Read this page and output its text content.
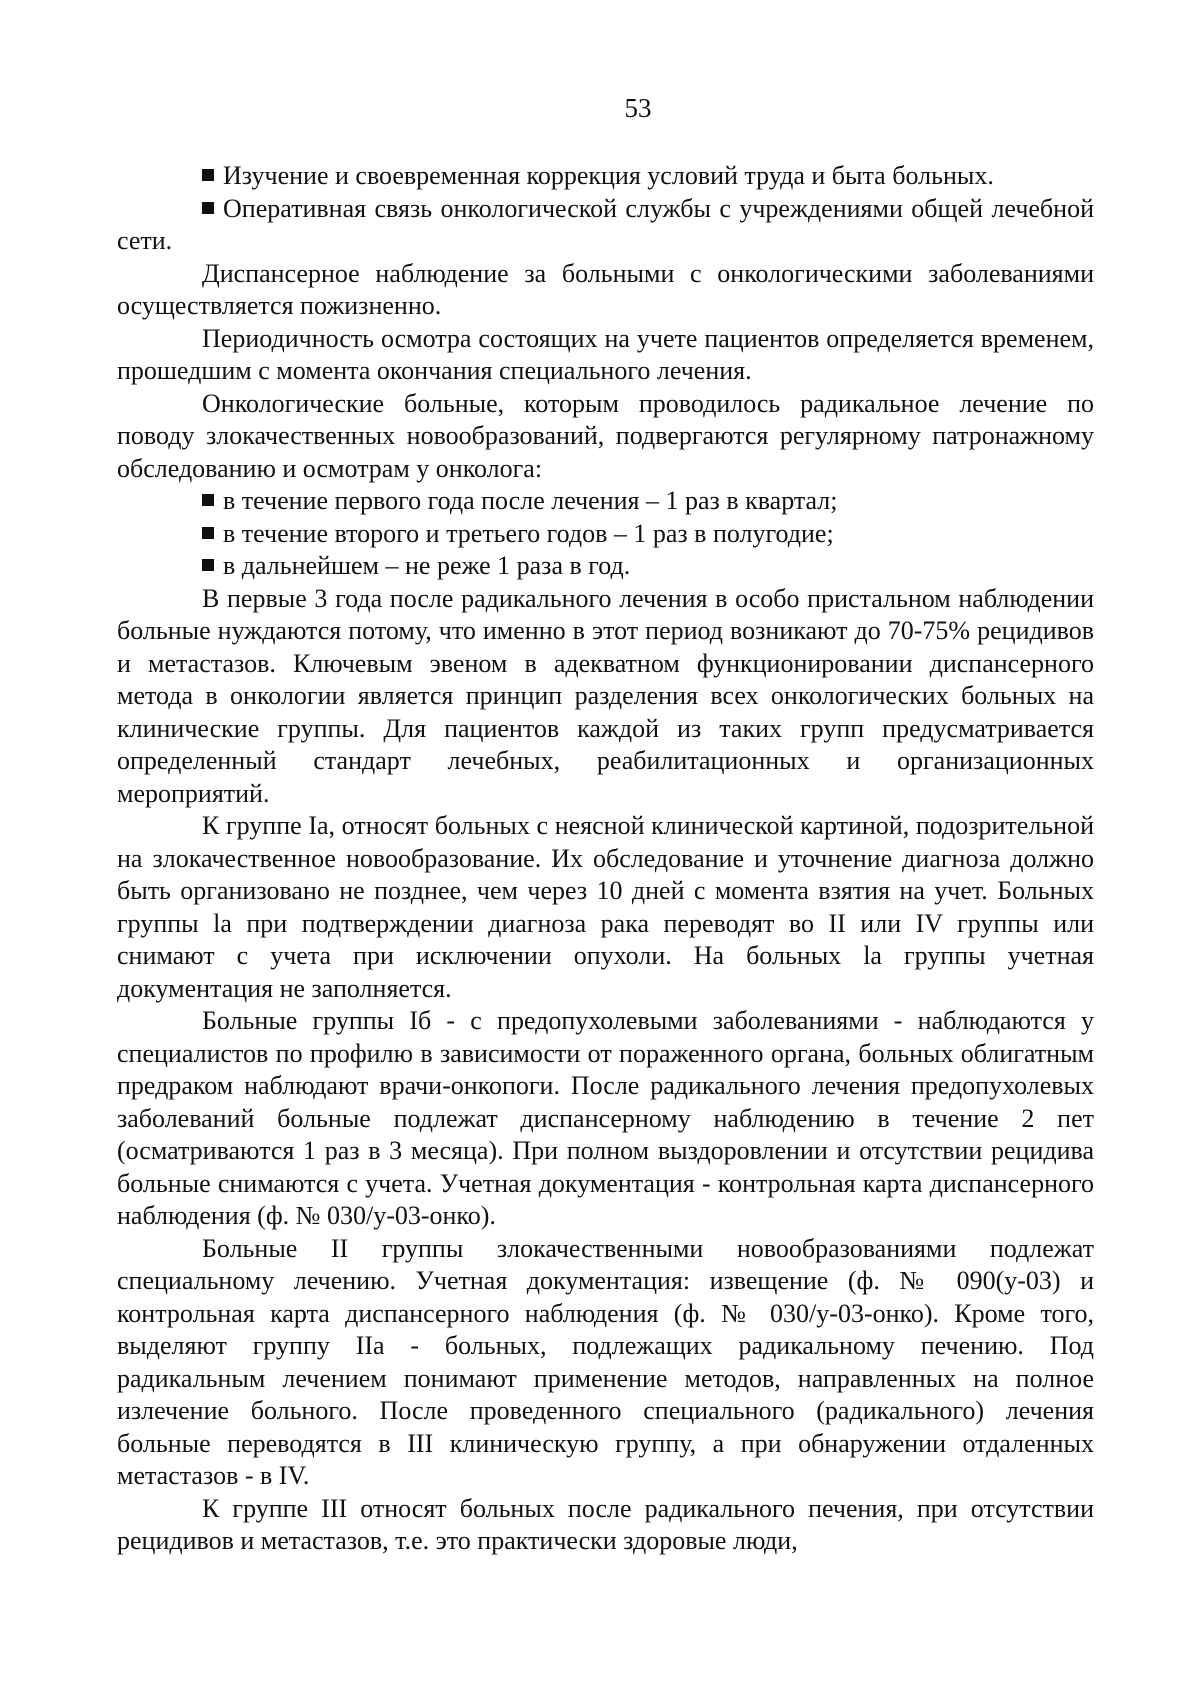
53

Изучение и своевременная коррекция условий труда и быта больных.

Оперативная связь онкологической службы с учреждениями общей лечебной сети.

Диспансерное наблюдение за больными с онкологическими заболеваниями осуществляется пожизненно.

Периодичность осмотра состоящих на учете пациентов определяется временем, прошедшим с момента окончания специального лечения.

Онкологические больные, которым проводилось радикальное лечение по поводу злокачественных новообразований, подвергаются регулярному патронажному обследованию и осмотрам у онколога:

в течение первого года после лечения – 1 раз в квартал;

в течение второго и третьего годов – 1 раз в полугодие;

в дальнейшем – не реже 1 раза в год.

В первые 3 года после радикального лечения в особо пристальном наблюдении больные нуждаются потому, что именно в этот период возникают до 70-75% рецидивов и метастазов. Ключевым эвеном в адекватном функционировании диспансерного метода в онкологии является принцип разделения всех онкологических больных на клинические группы. Для пациентов каждой из таких групп предусматривается определенный стандарт лечебных, реабилитационных и организационных мероприятий.

К группе Ia, относят больных с неясной клинической картиной, подозрительной на злокачественное новообразование. Их обследование и уточнение диагноза должно быть организовано не позднее, чем через 10 дней с момента взятия на учет. Больных группы la при подтверждении диагноза рака переводят во II или IV группы или снимают с учета при исключении опухоли. На больных la группы учетная документация не заполняется.

Больные группы Iб - с предопухолевыми заболеваниями - наблюдаются у специалистов по профилю в зависимости от пораженного органа, больных облигатным предраком наблюдают врачи-онкопоги. После радикального лечения предопухолевых заболеваний больные подлежат диспансерному наблюдению в течение 2 пет (осматриваются 1 раз в 3 месяца). При полном выздоровлении и отсутствии рецидива больные снимаются с учета. Учетная документация - контрольная карта диспансерного наблюдения (ф. № 030/у-03-онко).

Больные II группы злокачественными новообразованиями подлежат специальному лечению. Учетная документация: извещение (ф. № 090(у-03) и контрольная карта диспансерного наблюдения (ф. № 030/у-03-онко). Кроме того, выделяют группу IIa - больных, подлежащих радикальному печению. Под радикальным лечением понимают применение методов, направленных на полное излечение больного. После проведенного специального (радикального) лечения больные переводятся в III клиническую группу, а при обнаружении отдаленных метастазов - в IV.

К группе III относят больных после радикального печения, при отсутствии рецидивов и метастазов, т.е. это практически здоровые люди,
